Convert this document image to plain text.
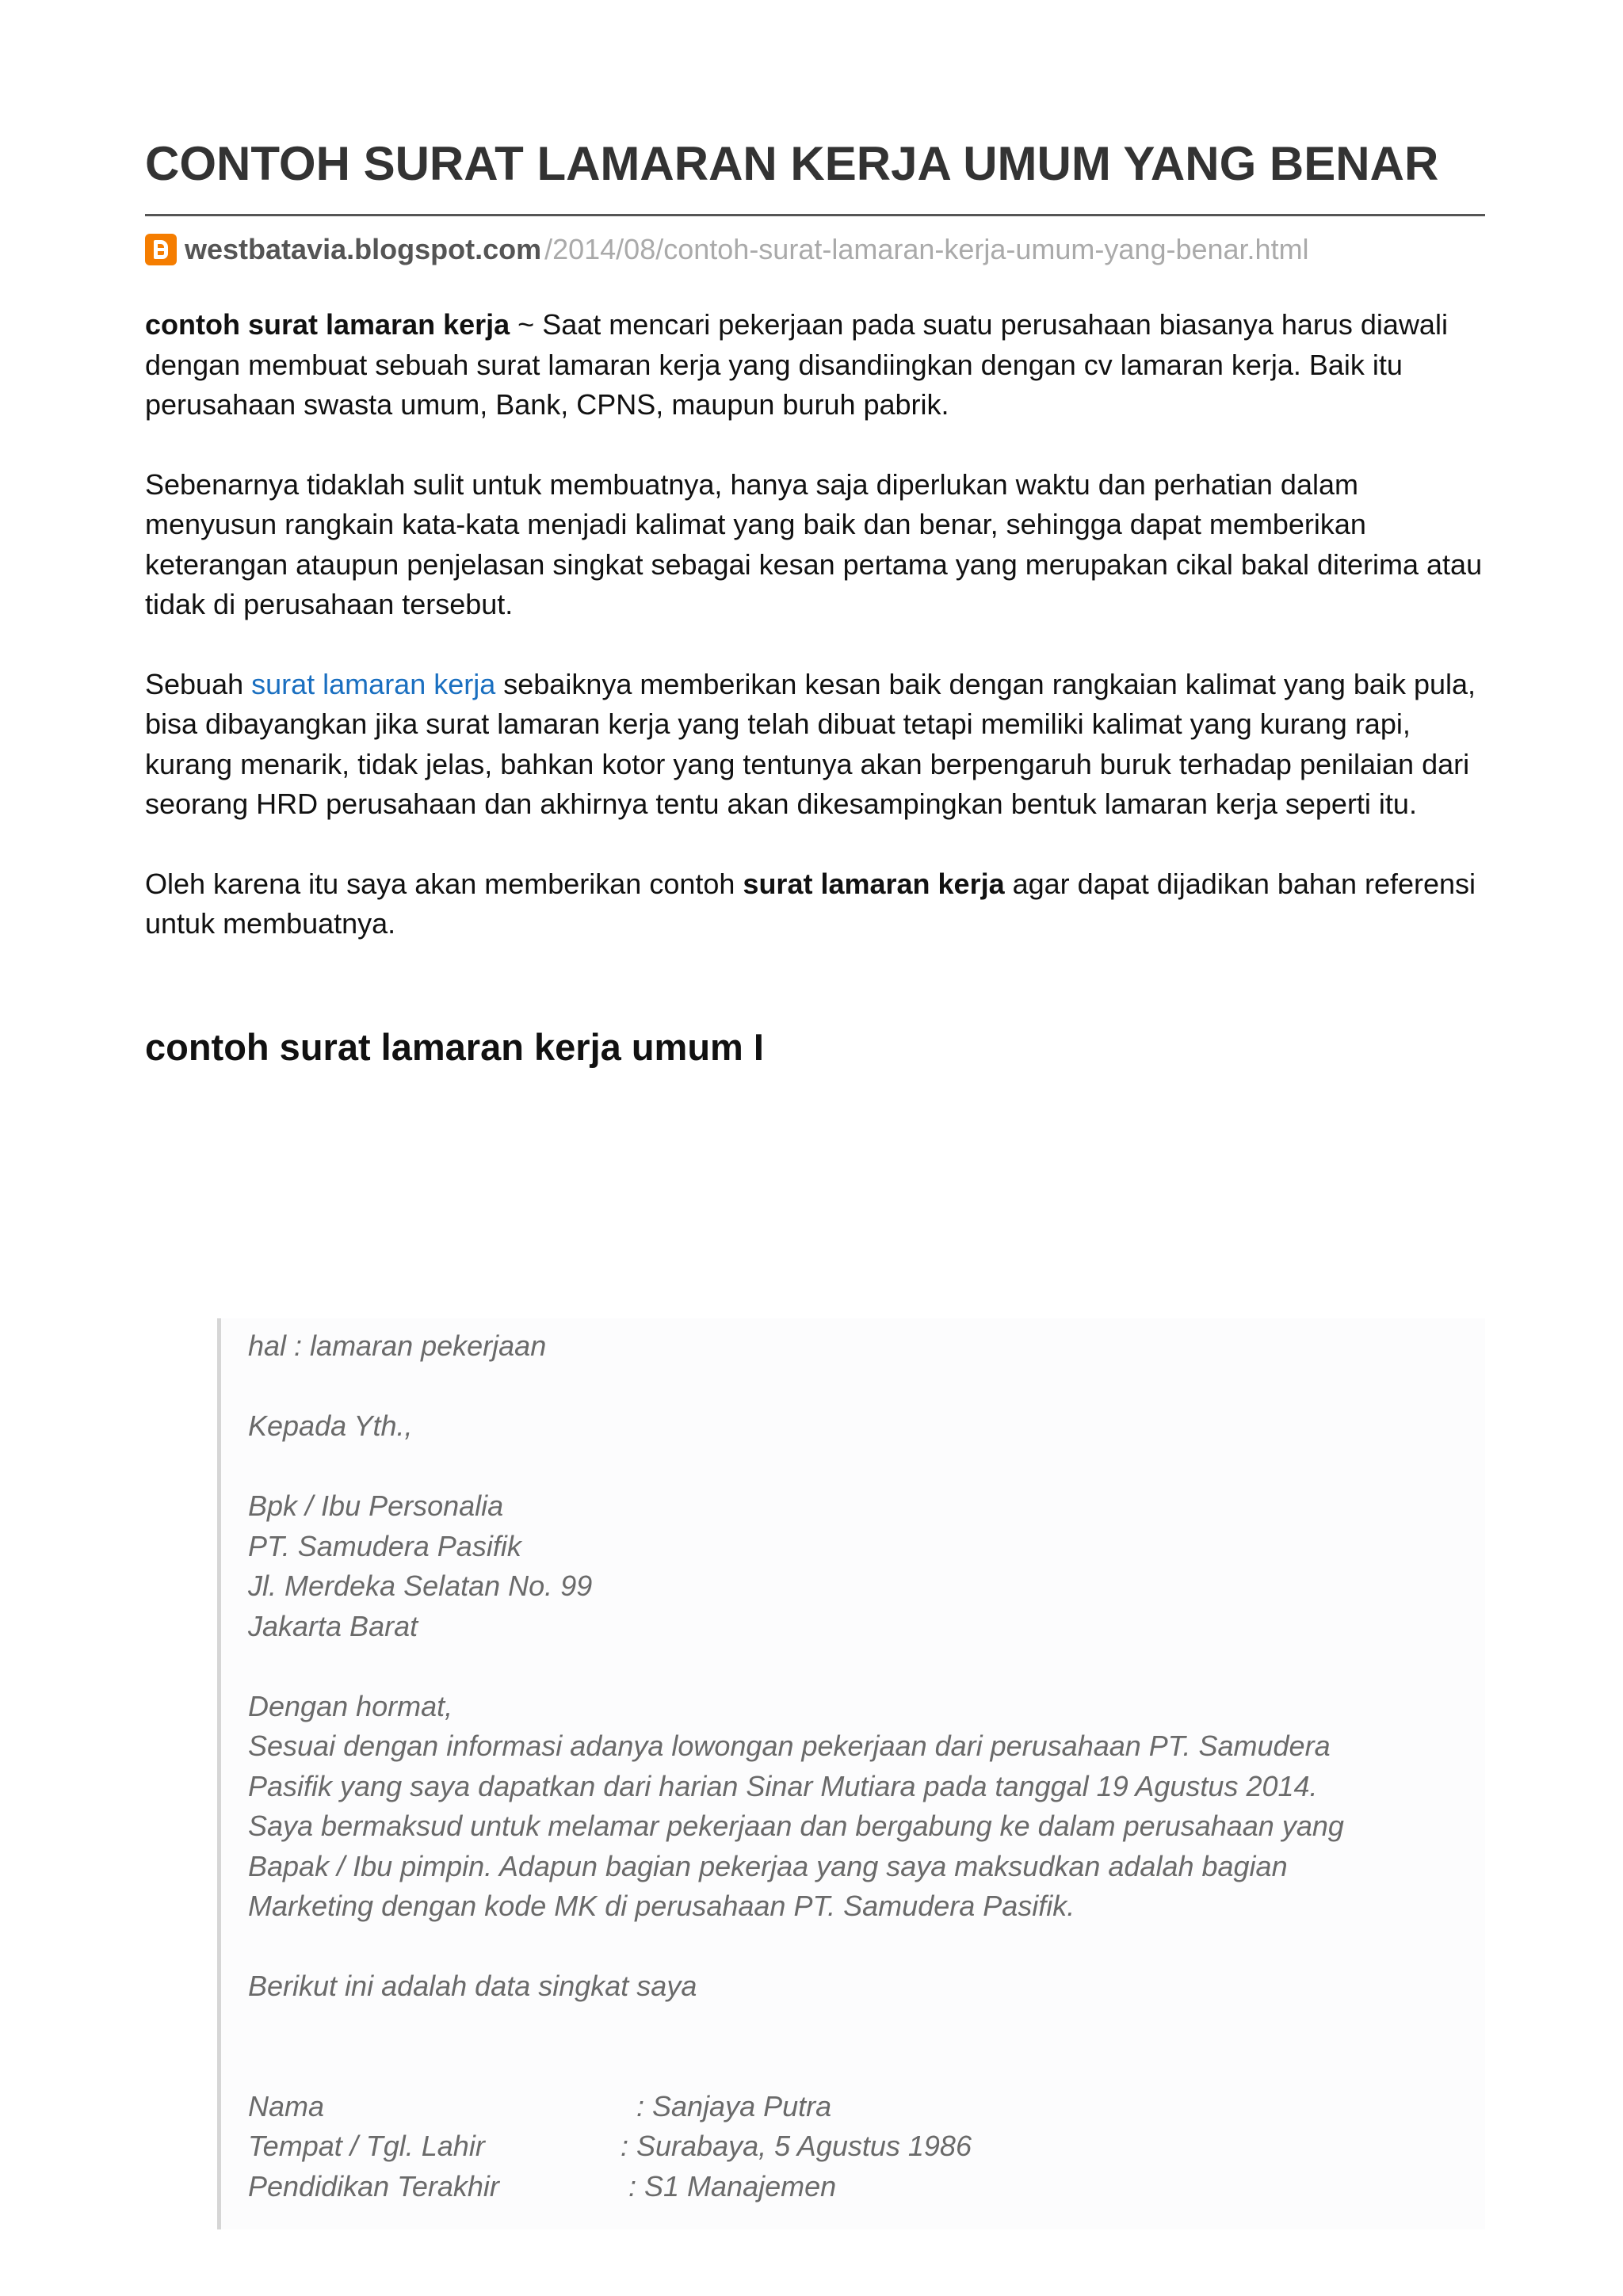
CONTOH SURAT LAMARAN KERJA UMUM YANG BENAR
westbatavia.blogspot.com /2014/08/contoh-surat-lamaran-kerja-umum-yang-benar.html

contoh surat lamaran kerja ~ Saat mencari pekerjaan pada suatu perusahaan biasanya harus diawali dengan membuat sebuah surat lamaran kerja yang disandiingkan dengan cv lamaran kerja. Baik itu perusahaan swasta umum, Bank, CPNS, maupun buruh pabrik.

Sebenarnya tidaklah sulit untuk membuatnya, hanya saja diperlukan waktu dan perhatian dalam menyusun rangkain kata-kata menjadi kalimat yang baik dan benar, sehingga dapat memberikan keterangan ataupun penjelasan singkat sebagai kesan pertama yang merupakan cikal bakal diterima atau tidak di perusahaan tersebut.

Sebuah surat lamaran kerja sebaiknya memberikan kesan baik dengan rangkaian kalimat yang baik pula, bisa dibayangkan jika surat lamaran kerja yang telah dibuat tetapi memiliki kalimat yang kurang rapi, kurang menarik, tidak jelas, bahkan kotor yang tentunya akan berpengaruh buruk terhadap penilaian dari seorang HRD perusahaan dan akhirnya tentu akan dikesampingkan bentuk lamaran kerja seperti itu.

Oleh karena itu saya akan memberikan contoh surat lamaran kerja agar dapat dijadikan bahan referensi untuk membuatnya.

contoh surat lamaran kerja umum I
hal : lamaran pekerjaan
Kepada Yth.,
Bpk / Ibu Personalia
PT. Samudera Pasifik
Jl. Merdeka Selatan No. 99
Jakarta Barat
Dengan hormat,
Sesuai dengan informasi adanya lowongan pekerjaan dari perusahaan PT. Samudera
Pasifik yang saya dapatkan dari harian Sinar Mutiara pada tanggal 19 Agustus 2014.
Saya bermaksud untuk melamar pekerjaan dan bergabung ke dalam perusahaan yang
Bapak / Ibu pimpin. Adapun bagian pekerjaa yang saya maksudkan adalah bagian
Marketing dengan kode MK di perusahaan PT. Samudera Pasifik.
Berikut ini adalah data singkat saya
Nama	: Sanjaya Putra
Tempat / Tgl. Lahir	: Surabaya, 5 Agustus 1986
Pendidikan Terakhir	: S1 Manajemen
